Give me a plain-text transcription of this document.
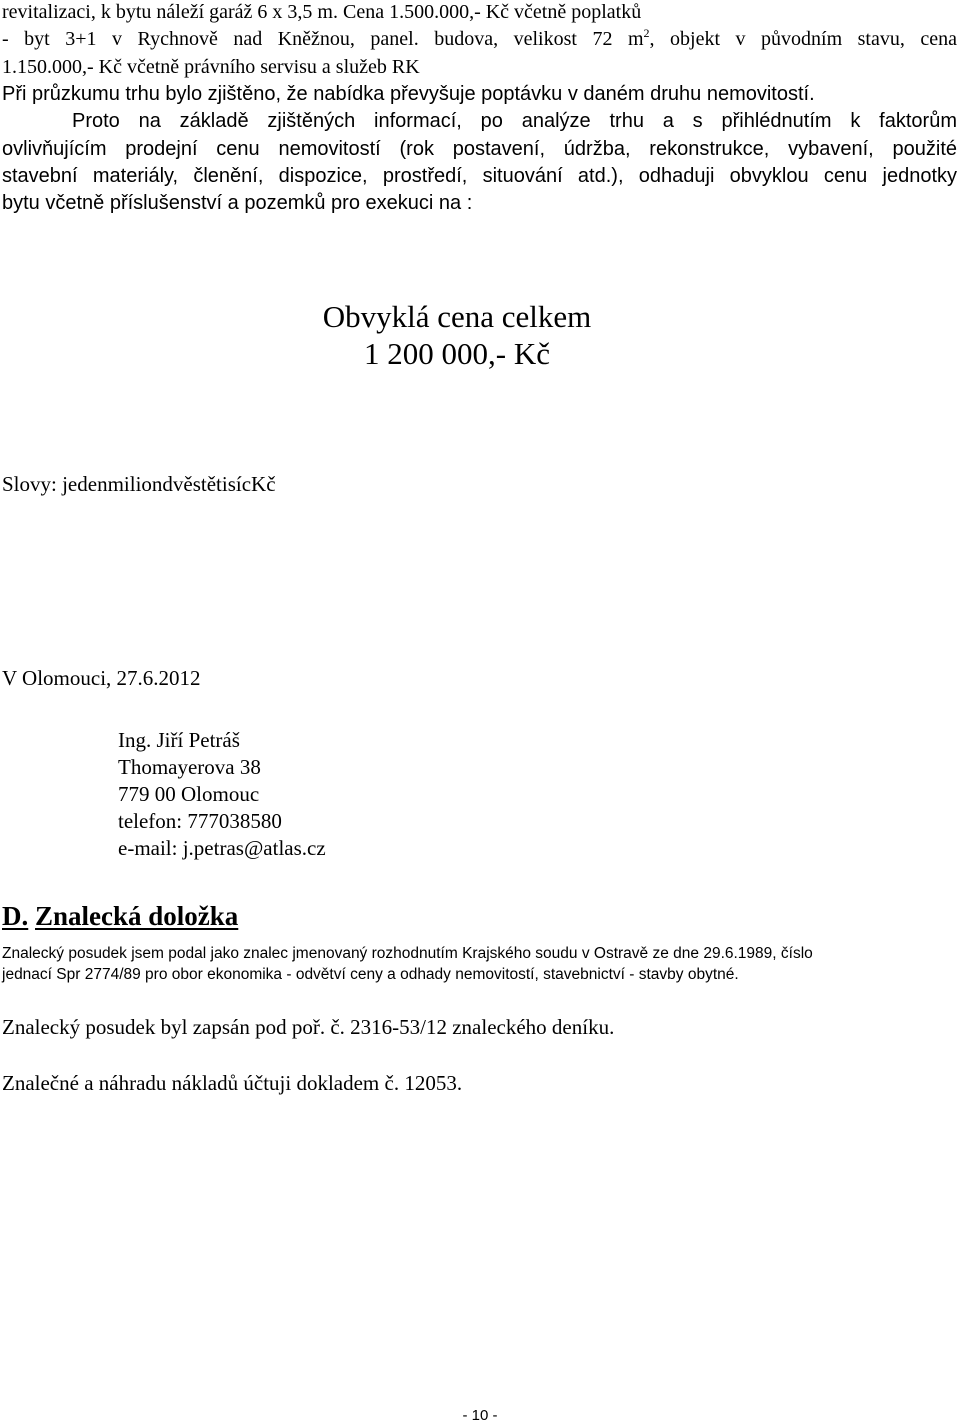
revitalizaci, k bytu náleží garáž 6 x 3,5 m. Cena 1.500.000,- Kč včetně poplatků
- byt 3+1 v Rychnově nad Kněžnou, panel. budova, velikost 72 $m^2$, objekt v původním stavu, cena
1.150.000,- Kč včetně právního servisu a služeb RK
Při průzkumu trhu bylo zjištěno, že nabídka převyšuje poptávku v daném druhu nemovitostí.
Proto na základě zjištěných informací, po analýze trhu a s přihlédnutím k faktorům
ovlivňujícím prodejní cenu nemovitostí (rok postavení, údržba, rekonstrukce, vybavení, použité
stavební materiály, členění, dispozice, prostředí, situování atd.), odhaduji obvyklou cenu jednotky
bytu včetně příslušenství a pozemků pro exekuci na :
Obvyklá cena celkem
1 200 000,- Kč
Slovy: jedenmiliondvěstětisícKč
V Olomouci, 27.6.2012
Ing. Jiří Petráš
Thomayerova 38
779 00 Olomouc
telefon: 777038580
e-mail: j.petras@atlas.cz
D. Znalecká doložka
Znalecký posudek jsem podal jako znalec jmenovaný rozhodnutím Krajského soudu v Ostravě ze dne 29.6.1989, číslo
jednací Spr 2774/89 pro obor ekonomika - odvětví ceny a odhady nemovitostí, stavebnictví - stavby obytné.
Znalecký posudek byl zapsán pod poř. č. 2316-53/12 znaleckého deníku.
Znalečné a náhradu nákladů účtuji dokladem č. 12053.
- 10 -
